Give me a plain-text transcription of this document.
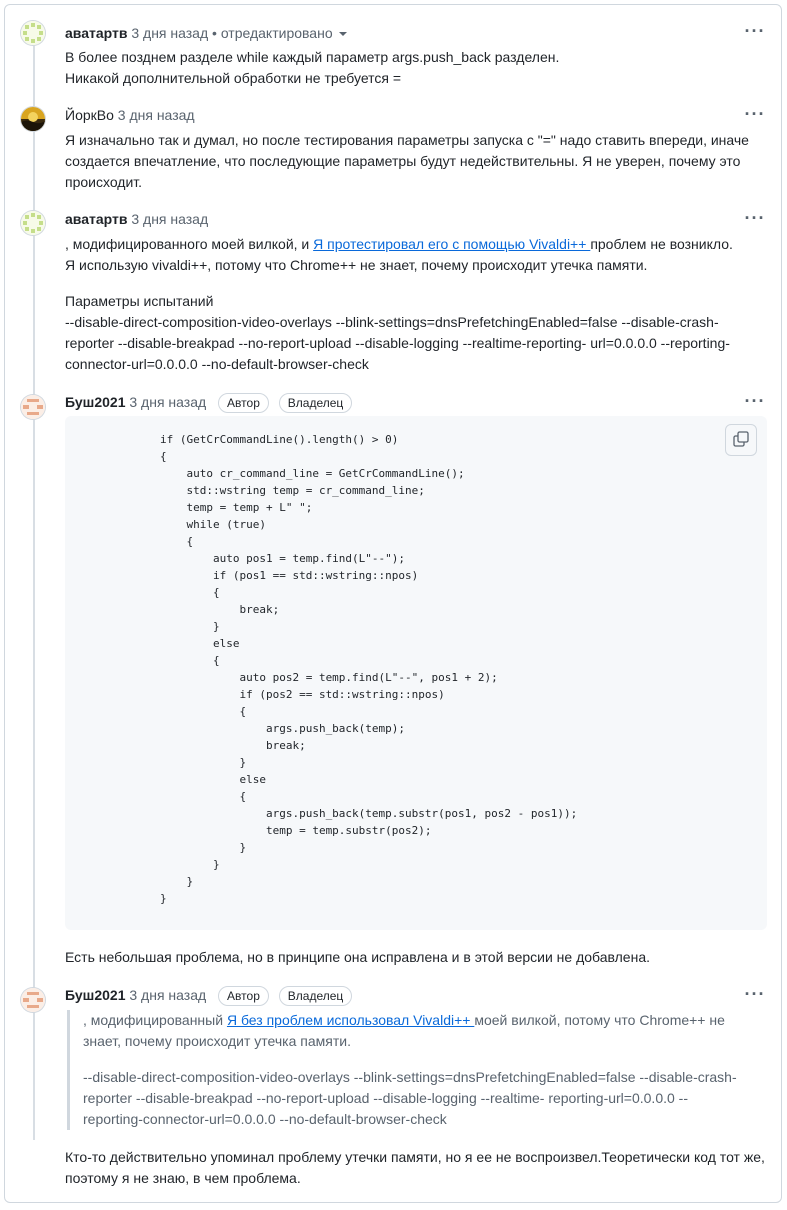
аватартв 3 дня назад • отредактировано	···

В более позднем разделе while каждый параметр args.push_back разделен.

Никакой дополнительной обработки не требуется =

ЙоркВо 3 дня назад	···

Я изначально так и думал, но после тестирования параметры запуска с "=" надо ставить впереди, иначе

создается впечатление, что последующие параметры будут недействительны. Я не уверен, почему это

происходит.

аватартв 3 дня назад	···

, модифицированного моей вилкой, и Я протестировал его с помощью Vivaldi++ проблем не возникло.

Я использую vivaldi++, потому что Chrome++ не знает, почему происходит утечка памяти.

Параметры испытаний

--disable-direct-composition-video-overlays --blink-settings=dnsPrefetchingEnabled=false --disable-crash-

reporter --disable-breakpad --no-report-upload --disable-logging --realtime-reporting- url=0.0.0.0 --reporting-

connector-url=0.0.0.0 --no-default-browser-check

Буш2021 3 дня назад Автор Владелец	···
if (GetCrCommandLine().length() > 0)
{
auto cr_command_line = GetCrCommandLine();
std::wstring temp = cr_command_line;
temp = temp + L" ";
while (true)
{
auto pos1 = temp.find(L"--");
if (pos1 == std::wstring::npos)
{
break;
}
else
{
auto pos2 = temp.find(L"--", pos1 + 2);
if (pos2 == std::wstring::npos)
{
args.push_back(temp);
break;
}
else
{
args.push_back(temp.substr(pos1, pos2 - pos1));
temp = temp.substr(pos2);
}
}
}
}

Есть небольшая проблема, но в принципе она исправлена и в этой версии не добавлена.

Буш2021 3 дня назад Автор Владелец	···

, модифицированный Я без проблем использовал Vivaldi++ моей вилкой, потому что Chrome++ не

знает, почему происходит утечка памяти.

--disable-direct-composition-video-overlays --blink-settings=dnsPrefetchingEnabled=false --disable-crash-

reporter --disable-breakpad --no-report-upload --disable-logging --realtime- reporting-url=0.0.0.0 --

reporting-connector-url=0.0.0.0 --no-default-browser-check

Кто-то действительно упоминал проблему утечки памяти, но я ее не воспроизвел.Теоретически код тот же,

поэтому я не знаю, в чем проблема.
